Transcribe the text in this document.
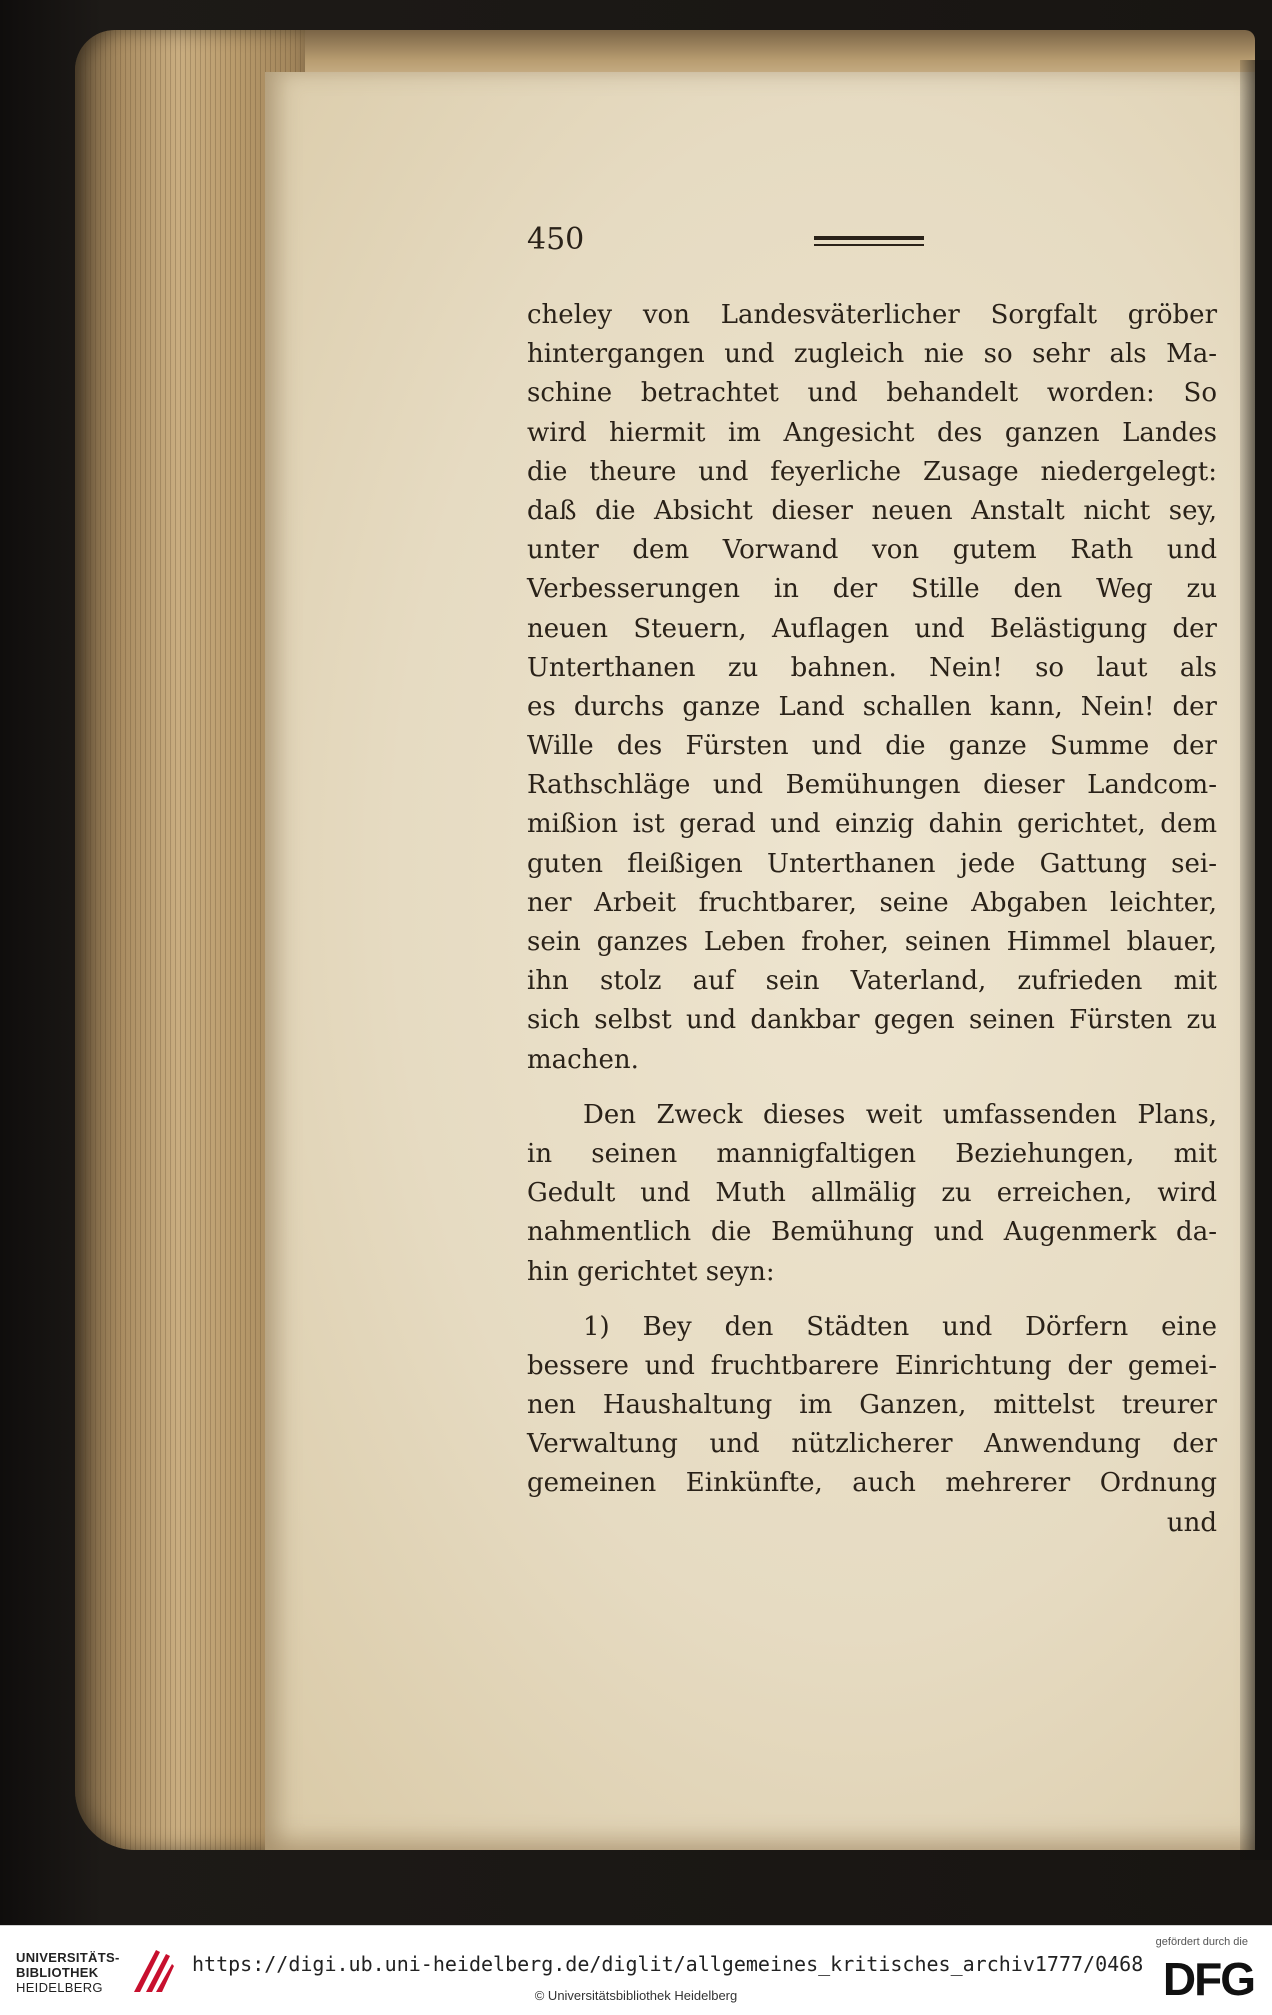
450
cheley von Landesväterlicher Sorgfalt gröber
hintergangen und zugleich nie so sehr als Ma-
schine betrachtet und behandelt worden: So
wird hiermit im Angesicht des ganzen Landes
die theure und feyerliche Zusage niedergelegt:
daß die Absicht dieser neuen Anstalt nicht sey,
unter dem Vorwand von gutem Rath und
Verbesserungen in der Stille den Weg zu
neuen Steuern, Auflagen und Belästigung der
Unterthanen zu bahnen. Nein! so laut als
es durchs ganze Land schallen kann, Nein! der
Wille des Fürsten und die ganze Summe der
Rathschläge und Bemühungen dieser Landcom-
mißion ist gerad und einzig dahin gerichtet, dem
guten fleißigen Unterthanen jede Gattung sei-
ner Arbeit fruchtbarer, seine Abgaben leichter,
sein ganzes Leben froher, seinen Himmel blauer,
ihn stolz auf sein Vaterland, zufrieden mit
sich selbst und dankbar gegen seinen Fürsten zu
machen.
Den Zweck dieses weit umfassenden Plans,
in seinen mannigfaltigen Beziehungen, mit
Gedult und Muth allmälig zu erreichen, wird
nahmentlich die Bemühung und Augenmerk da-
hin gerichtet seyn:
1) Bey den Städten und Dörfern eine
bessere und fruchtbarere Einrichtung der gemei-
nen Haushaltung im Ganzen, mittelst treurer
Verwaltung und nützlicherer Anwendung der
gemeinen Einkünfte, auch mehrerer Ordnung
und
UNIVERSITÄTS-
BIBLIOTHEK
HEIDELBERG
https://digi.ub.uni-heidelberg.de/diglit/allgemeines_kritisches_archiv1777/0468
© Universitätsbibliothek Heidelberg
gefördert durch die
DFG
